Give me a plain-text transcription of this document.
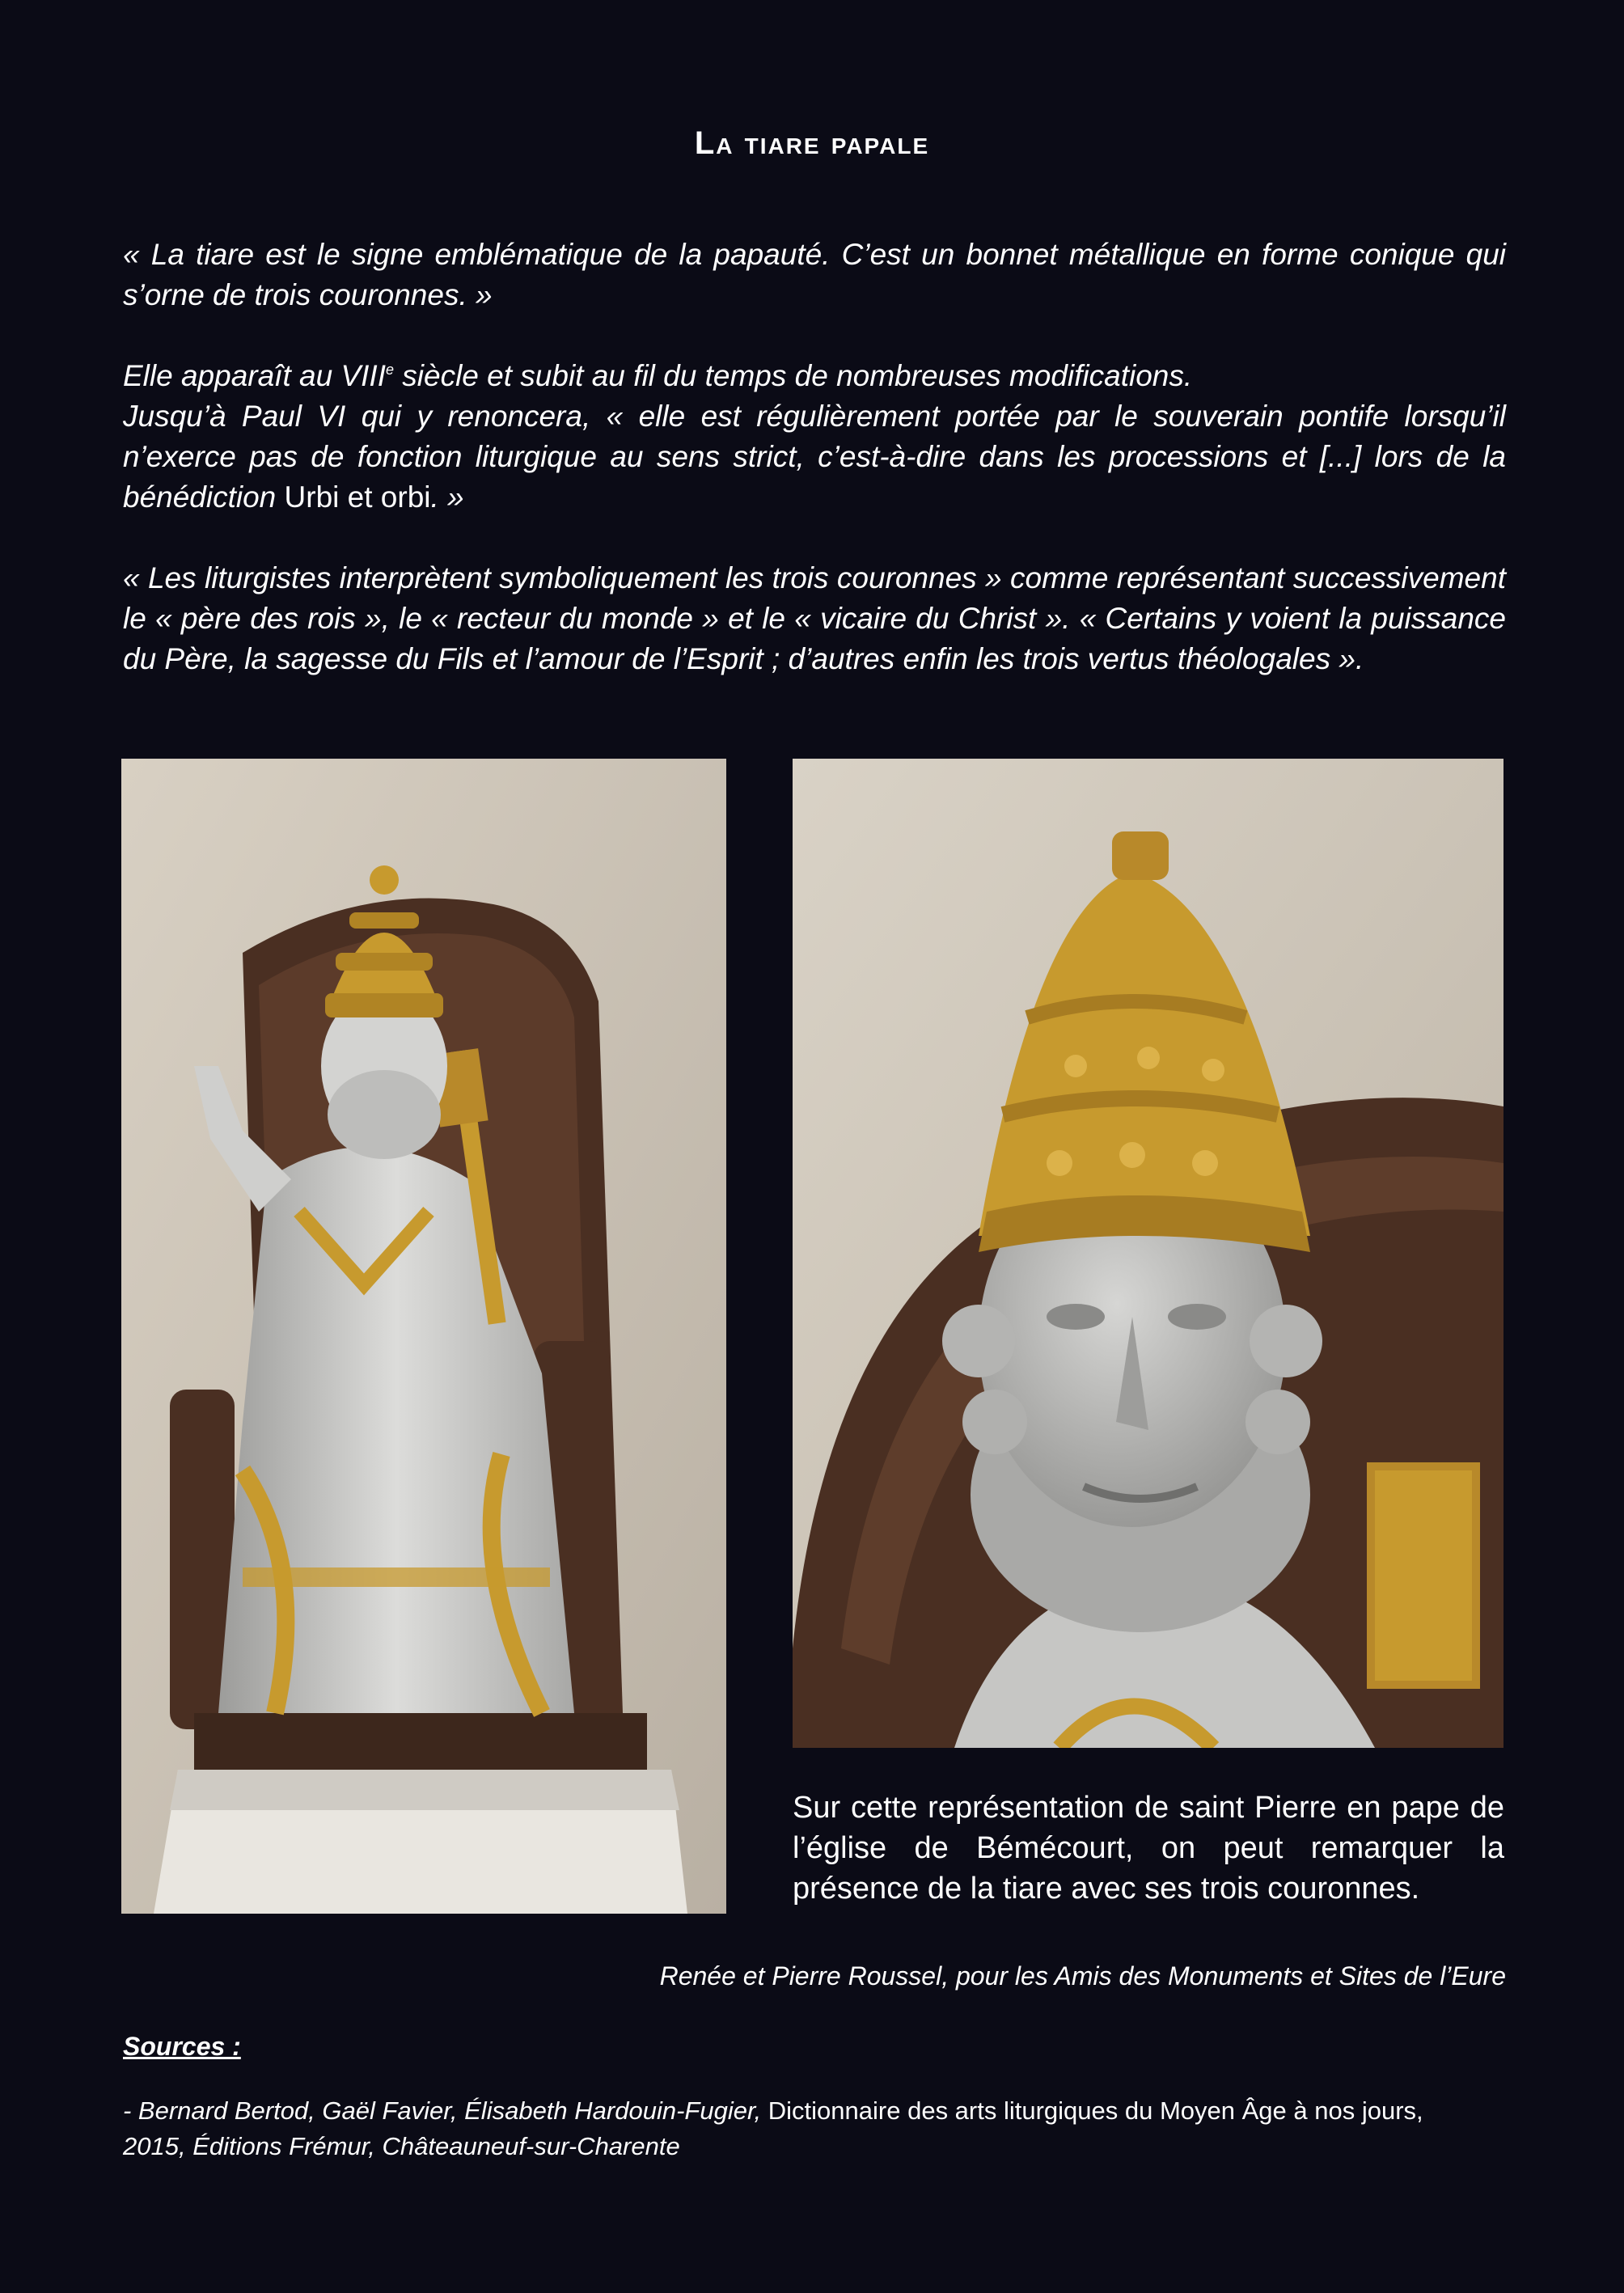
La tiare papale

« La tiare est le signe emblématique de la papauté. C’est un bonnet métallique en forme conique qui s’orne de trois couronnes. »

Elle apparaît au VIIIe siècle et subit au fil du temps de nombreuses modifications.
Jusqu’à Paul VI qui y renoncera, « elle est régulièrement portée par le souverain pontife lorsqu’il n’exerce pas de fonction liturgique au sens strict, c’est-à-dire dans les processions et [...] lors de la bénédiction Urbi et orbi. »

« Les liturgistes interprètent symboliquement les trois couronnes » comme représentant successivement le « père des rois », le « recteur du monde » et le « vicaire du Christ ». « Certains y voient la puissance du Père, la sagesse du Fils et l’amour de l’Esprit ; d’autres enfin les trois vertus théologales ».

Sur cette représentation de saint Pierre en pape de l’église de Bémécourt, on peut remarquer la présence de la tiare avec ses trois couronnes.
Renée et Pierre Roussel, pour les Amis des Monuments et Sites de l’Eure
Sources :
- Bernard Bertod, Gaël Favier, Élisabeth Hardouin-Fugier, Dictionnaire des arts liturgiques du Moyen Âge à nos jours,
2015, Éditions Frémur, Châteauneuf-sur-Charente
